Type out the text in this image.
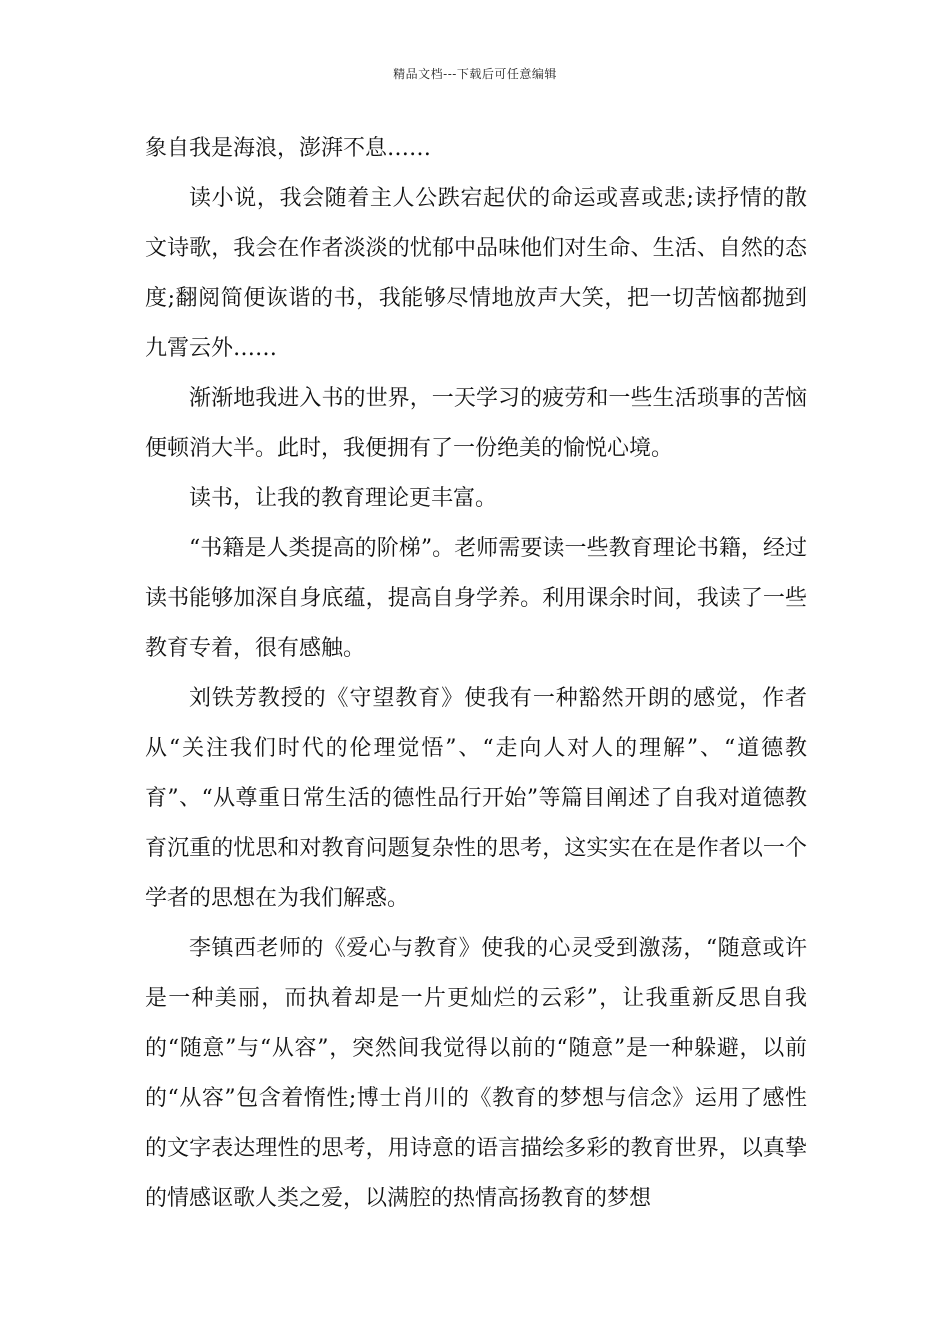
精品文档---下载后可任意编辑

象自我是海浪，澎湃不息……

读小说，我会随着主人公跌宕起伏的命运或喜或悲;读抒情的散文诗歌，我会在作者淡淡的忧郁中品味他们对生命、生活、自然的态度;翻阅简便诙谐的书，我能够尽情地放声大笑，把一切苦恼都抛到九霄云外……

渐渐地我进入书的世界，一天学习的疲劳和一些生活琐事的苦恼便顿消大半。此时，我便拥有了一份绝美的愉悦心境。

读书，让我的教育理论更丰富。

“书籍是人类提高的阶梯”。老师需要读一些教育理论书籍，经过读书能够加深自身底蕴，提高自身学养。利用课余时间，我读了一些教育专着，很有感触。

刘铁芳教授的《守望教育》使我有一种豁然开朗的感觉，作者从“关注我们时代的伦理觉悟”、“走向人对人的理解”、“道德教育”、“从尊重日常生活的德性品行开始”等篇目阐述了自我对道德教育沉重的忧思和对教育问题复杂性的思考，这实实在在是作者以一个学者的思想在为我们解惑。

李镇西老师的《爱心与教育》使我的心灵受到激荡，“随意或许是一种美丽，而执着却是一片更灿烂的云彩”，让我重新反思自我的“随意”与“从容”，突然间我觉得以前的“随意”是一种躲避，以前的“从容”包含着惰性;博士肖川的《教育的梦想与信念》运用了感性的文字表达理性的思考，用诗意的语言描绘多彩的教育世界，以真挚的情感讴歌人类之爱，以满腔的热情高扬教育的梦想
